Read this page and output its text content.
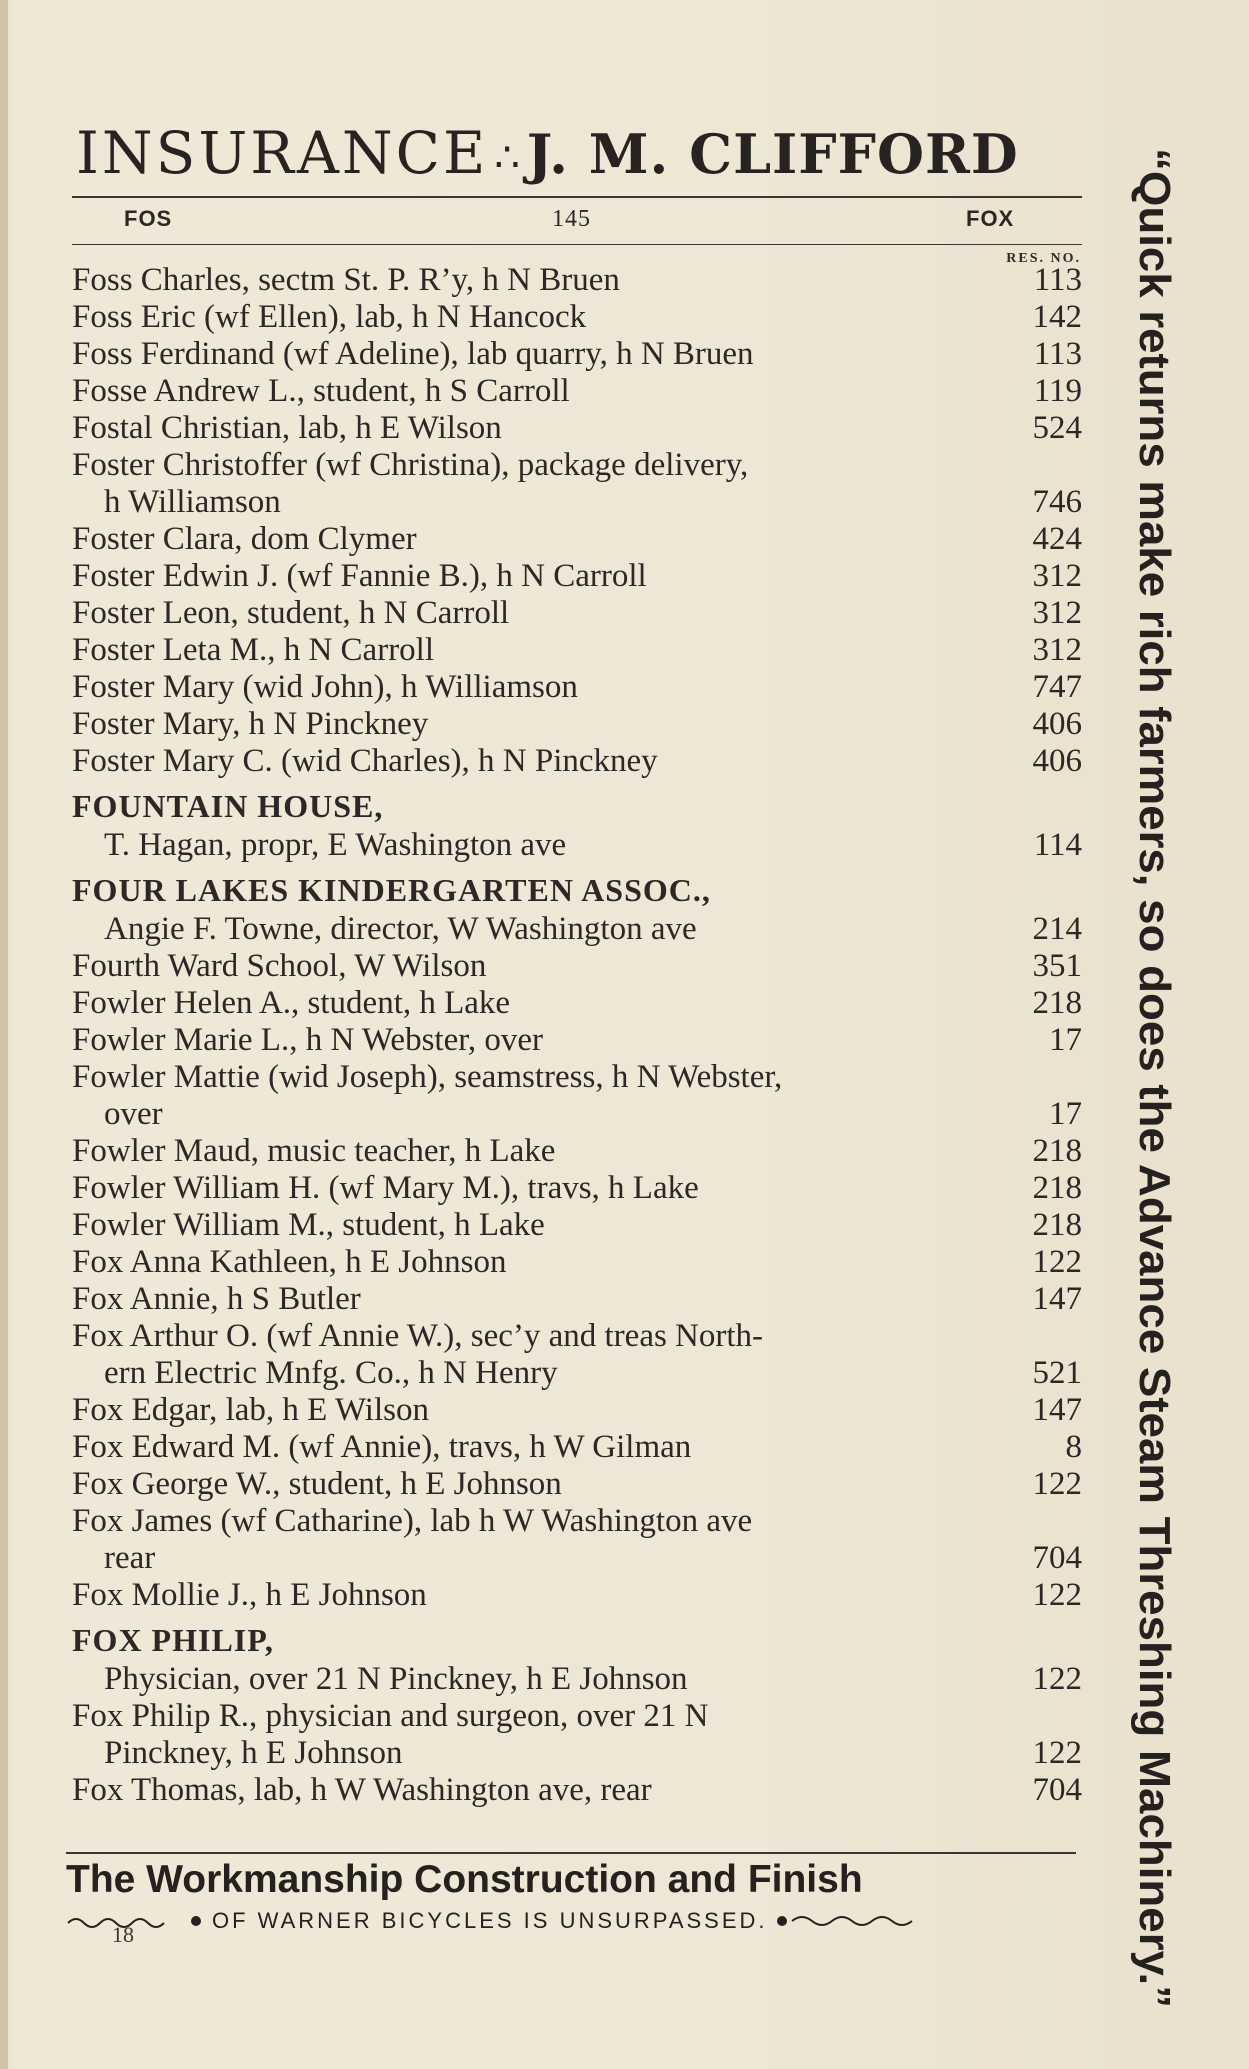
INSURANCE ∴ J. M. CLIFFORD
FOS	145	FOX
RES. NO.
Foss Charles, sectm St. P. R’y, h N Bruen	113
Foss Eric (wf Ellen), lab, h N Hancock	142
Foss Ferdinand (wf Adeline), lab quarry, h N Bruen	113
Fosse Andrew L., student, h S Carroll	119
Fostal Christian, lab, h E Wilson	524
Foster Christoffer (wf Christina), package delivery,
h Williamson	746
Foster Clara, dom Clymer	424
Foster Edwin J. (wf Fannie B.), h N Carroll	312
Foster Leon, student, h N Carroll	312
Foster Leta M., h N Carroll	312
Foster Mary (wid John), h Williamson	747
Foster Mary, h N Pinckney	406
Foster Mary C. (wid Charles), h N Pinckney	406
FOUNTAIN HOUSE,
T. Hagan, propr, E Washington ave	114
FOUR LAKES KINDERGARTEN ASSOC.,
Angie F. Towne, director, W Washington ave	214
Fourth Ward School, W Wilson	351
Fowler Helen A., student, h Lake	218
Fowler Marie L., h N Webster, over	17
Fowler Mattie (wid Joseph), seamstress, h N Webster,
over	17
Fowler Maud, music teacher, h Lake	218
Fowler William H. (wf Mary M.), travs, h Lake	218
Fowler William M., student, h Lake	218
Fox Anna Kathleen, h E Johnson	122
Fox Annie, h S Butler	147
Fox Arthur O. (wf Annie W.), sec’y and treas North-
ern Electric Mnfg. Co., h N Henry	521
Fox Edgar, lab, h E Wilson	147
Fox Edward M. (wf Annie), travs, h W Gilman	8
Fox George W., student, h E Johnson	122
Fox James (wf Catharine), lab h W Washington ave
rear	704
Fox Mollie J., h E Johnson	122
FOX PHILIP,
Physician, over 21 N Pinckney, h E Johnson	122
Fox Philip R., physician and surgeon, over 21 N
Pinckney, h E Johnson	122
Fox Thomas, lab, h W Washington ave, rear	704 “Quick returns make rich farmers, so does the Advance Steam Threshing Machinery.”
The Workmanship Construction and Finish
OF WARNER BICYCLES IS UNSURPASSED.
18
